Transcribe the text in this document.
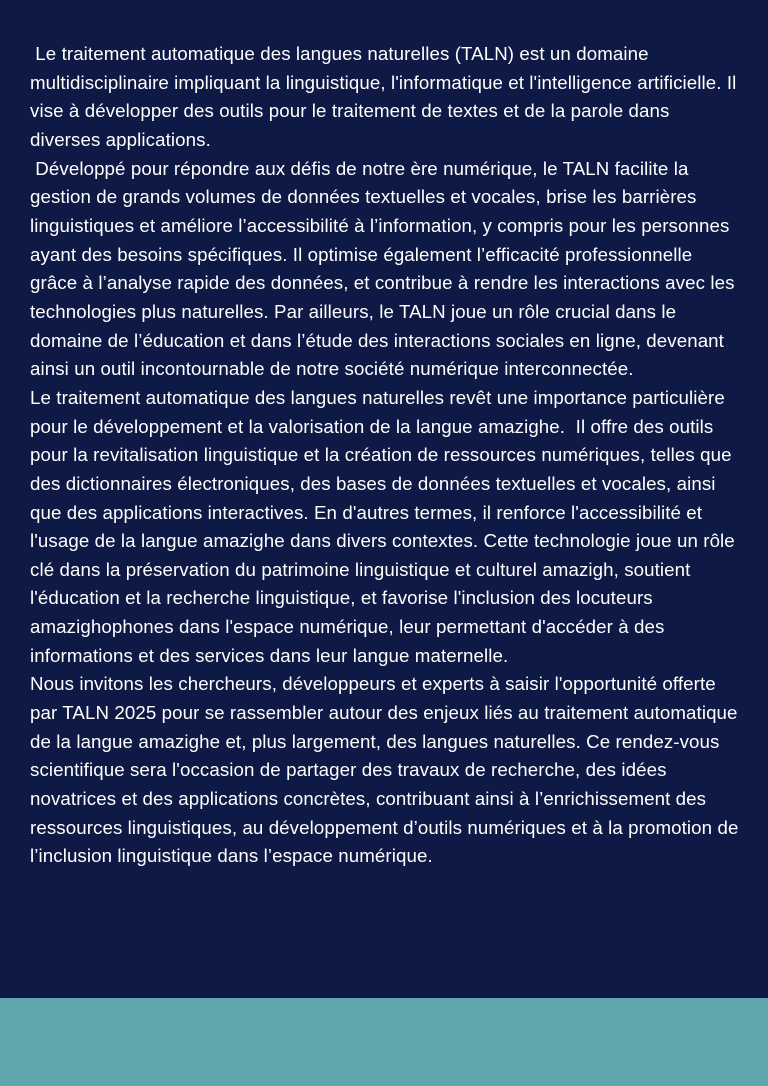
Le traitement automatique des langues naturelles (TALN) est un domaine multidisciplinaire impliquant la linguistique, l'informatique et l'intelligence artificielle. Il vise à développer des outils pour le traitement de textes et de la parole dans diverses applications.

Développé pour répondre aux défis de notre ère numérique, le TALN facilite la gestion de grands volumes de données textuelles et vocales, brise les barrières linguistiques et améliore l’accessibilité à l’information, y compris pour les personnes ayant des besoins spécifiques. Il optimise également l’efficacité professionnelle grâce à l’analyse rapide des données, et contribue à rendre les interactions avec les technologies plus naturelles. Par ailleurs, le TALN joue un rôle crucial dans le domaine de l’éducation et dans l’étude des interactions sociales en ligne, devenant ainsi un outil incontournable de notre société numérique interconnectée.

Le traitement automatique des langues naturelles revêt une importance particulière pour le développement et la valorisation de la langue amazighe.  Il offre des outils pour la revitalisation linguistique et la création de ressources numériques, telles que des dictionnaires électroniques, des bases de données textuelles et vocales, ainsi que des applications interactives. En d'autres termes, il renforce l'accessibilité et l'usage de la langue amazighe dans divers contextes. Cette technologie joue un rôle clé dans la préservation du patrimoine linguistique et culturel amazigh, soutient l'éducation et la recherche linguistique, et favorise l'inclusion des locuteurs amazighophones dans l'espace numérique, leur permettant d'accéder à des informations et des services dans leur langue maternelle.

Nous invitons les chercheurs, développeurs et experts à saisir l'opportunité offerte par TALN 2025 pour se rassembler autour des enjeux liés au traitement automatique de la langue amazighe et, plus largement, des langues naturelles. Ce rendez-vous scientifique sera l'occasion de partager des travaux de recherche, des idées novatrices et des applications concrètes, contribuant ainsi à l’enrichissement des ressources linguistiques, au développement d’outils numériques et à la promotion de l’inclusion linguistique dans l’espace numérique.
